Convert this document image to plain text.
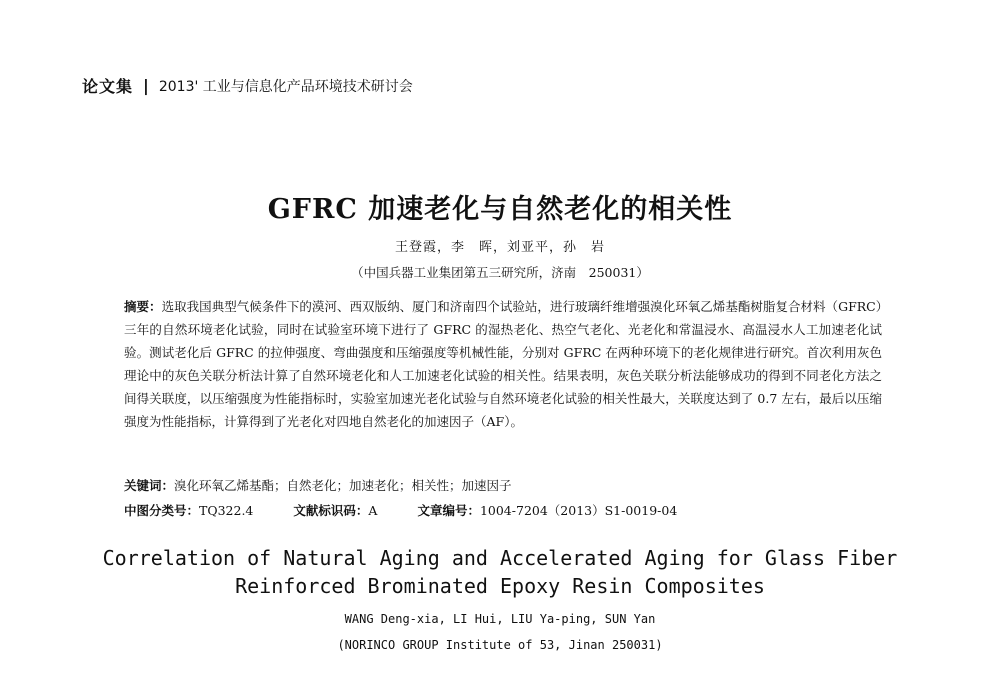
论文集 | 2013' 工业与信息化产品环境技术研讨会
GFRC 加速老化与自然老化的相关性
王登霞，李　晖，刘亚平，孙　岩
（中国兵器工业集团第五三研究所，济南　250031）
摘要：选取我国典型气候条件下的漠河、西双版纳、厦门和济南四个试验站，进行玻璃纤维增强溴化环氧乙烯基酯树脂复合材料（GFRC）三年的自然环境老化试验，同时在试验室环境下进行了 GFRC 的湿热老化、热空气老化、光老化和常温浸水、高温浸水人工加速老化试验。测试老化后 GFRC 的拉伸强度、弯曲强度和压缩强度等机械性能，分别对 GFRC 在两种环境下的老化规律进行研究。首次利用灰色理论中的灰色关联分析法计算了自然环境老化和人工加速老化试验的相关性。结果表明，灰色关联分析法能够成功的得到不同老化方法之间得关联度，以压缩强度为性能指标时，实验室加速光老化试验与自然环境老化试验的相关性最大，关联度达到了 0.7 左右，最后以压缩强度为性能指标，计算得到了光老化对四地自然老化的加速因子（AF）。
关键词：溴化环氧乙烯基酯；自然老化；加速老化；相关性；加速因子
中图分类号：TQ322.4	文献标识码：A	文章编号：1004-7204（2013）S1-0019-04
Correlation of Natural Aging and Accelerated Aging for Glass Fiber
Reinforced Brominated Epoxy Resin Composites
WANG Deng-xia, LI Hui, LIU Ya-ping, SUN Yan
(NORINCO GROUP Institute of 53, Jinan 250031)
